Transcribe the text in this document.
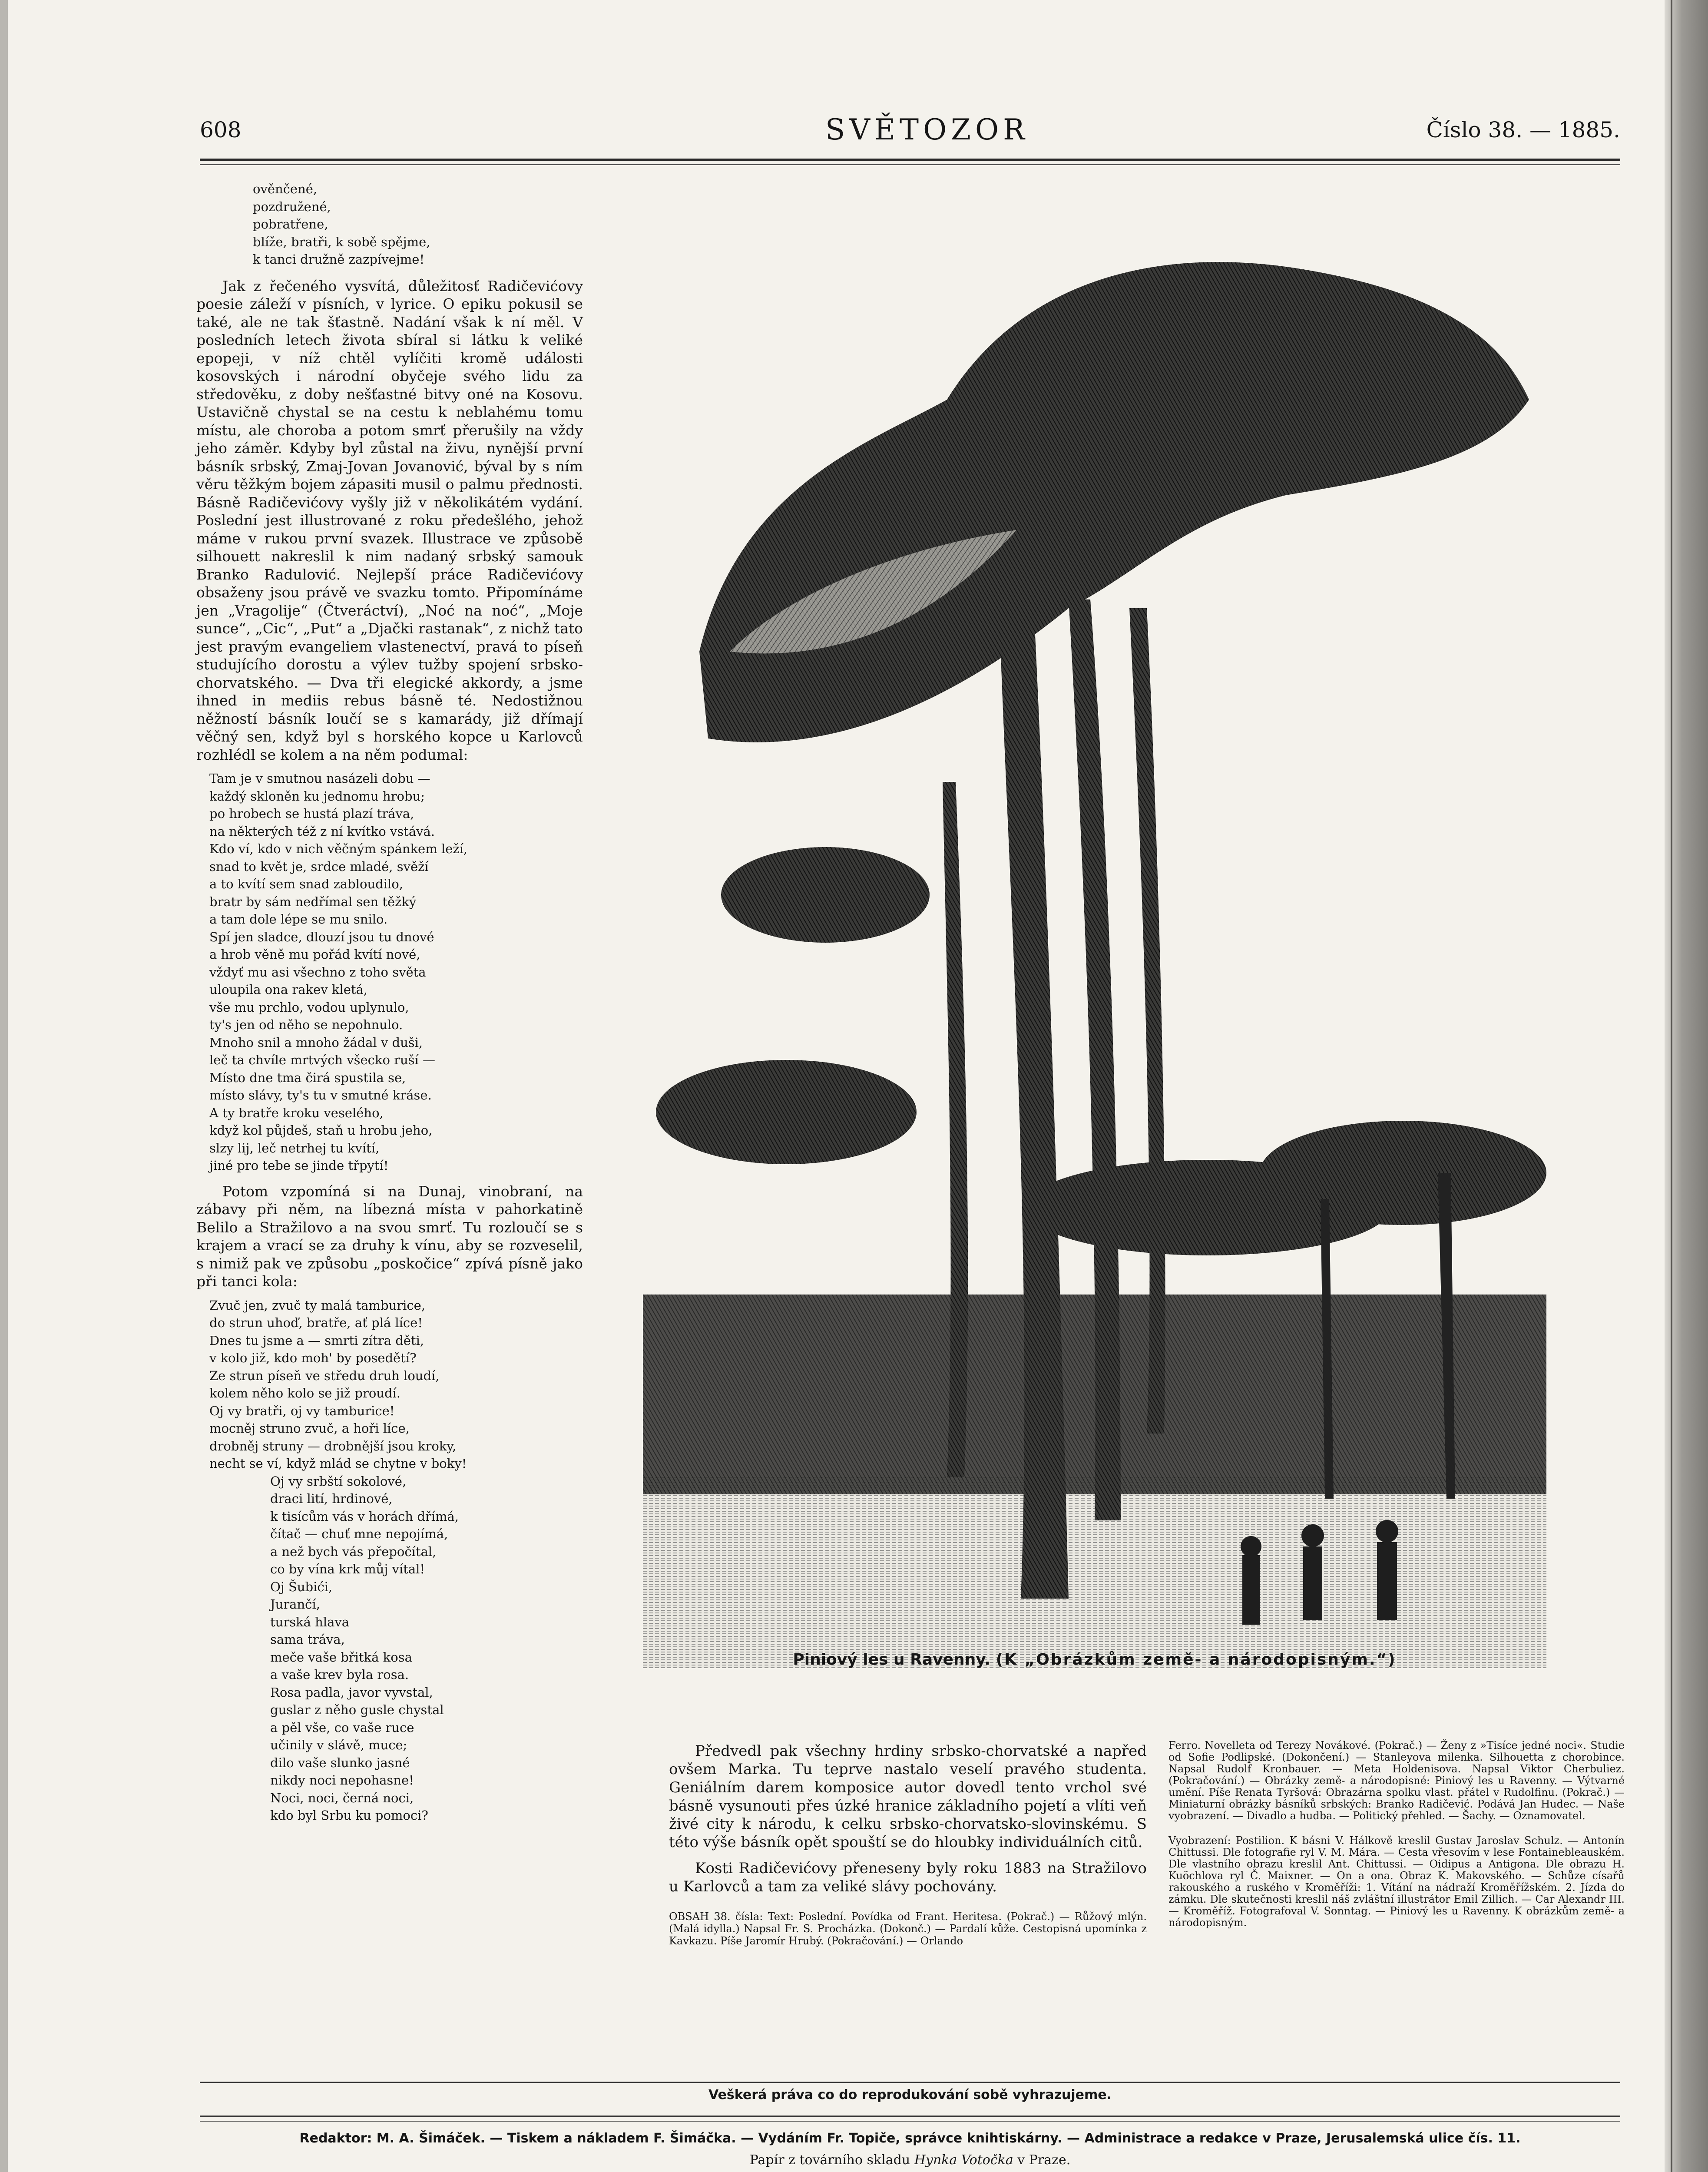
608	SVĚTOZOR	Číslo 38. — 1885.
ověnčené,
pozdružené,
pobratřene,
blíže, bratři, k sobě spějme,
k tanci družně zazpívejme!

Jak z řečeného vysvítá, důležitosť Radičevićovy poesie záleží v písních, v lyrice. O epiku pokusil se také, ale ne tak šťastně. Nadání však k ní měl. V posledních letech života sbíral si látku k veliké epopeji, v níž chtěl vylíčiti kromě události kosovských i národní obyčeje svého lidu za středověku, z doby nešťastné bitvy oné na Kosovu. Ustavičně chystal se na cestu k neblahému tomu místu, ale choroba a potom smrť přerušily na vždy jeho záměr. Kdyby byl zůstal na živu, nynější první básník srbský, Zmaj-Jovan Jovanović, býval by s ním věru těžkým bojem zápasiti musil o palmu přednosti. Básně Radičevićovy vyšly již v několikátém vydání. Poslední jest illustrované z roku předešlého, jehož máme v rukou první svazek. Illustrace ve způsobě silhouett nakreslil k nim nadaný srbský samouk Branko Radulović. Nejlepší práce Radičevićovy obsaženy jsou právě ve svazku tomto. Připomínáme jen „Vragolije“ (Čtveráctví), „Noć na noć“, „Moje sunce“, „Cic“, „Put“ a „Djački rastanak“, z nichž tato jest pravým evangeliem vlastenectví, pravá to píseň studujícího dorostu a výlev tužby spojení srbsko-chorvatského. — Dva tři elegické akkordy, a jsme ihned in mediis rebus básně té. Nedostižnou něžností básník loučí se s kamarády, již dřímají věčný sen, když byl s horského kopce u Karlovců rozhlédl se kolem a na něm podumal:

Tam je v smutnou nasázeli dobu —
každý skloněn ku jednomu hrobu;
po hrobech se hustá plazí tráva,
na některých též z ní kvítko vstává.
Kdo ví, kdo v nich věčným spánkem leží,
snad to květ je, srdce mladé, svěží
a to kvítí sem snad zabloudilo,
bratr by sám nedřímal sen těžký
a tam dole lépe se mu snilo.
Spí jen sladce, dlouzí jsou tu dnové
a hrob věně mu pořád kvítí nové,
vždyť mu asi všechno z toho světa
uloupila ona rakev kletá,
vše mu prchlo, vodou uplynulo,
ty's jen od něho se nepohnulo.
Mnoho snil a mnoho žádal v duši,
leč ta chvíle mrtvých všecko ruší —
Místo dne tma čirá spustila se,
místo slávy, ty's tu v smutné kráse.
A ty bratře kroku veselého,
když kol půjdeš, staň u hrobu jeho,
slzy lij, leč netrhej tu kvítí,
jiné pro tebe se jinde třpytí!

Potom vzpomíná si na Dunaj, vinobraní, na zábavy při něm, na líbezná místa v pahorkatině Belilo a Stražilovo a na svou smrť. Tu rozloučí se s krajem a vrací se za druhy k vínu, aby se rozveselil, s nimiž pak ve způsobu „poskočice“ zpívá písně jako při tanci kola:

Zvuč jen, zvuč ty malá tamburice,
do strun uhoď, bratře, ať plá líce!
Dnes tu jsme a — smrti zítra děti,
v kolo již, kdo moh' by posedětí?
Ze strun píseň ve středu druh loudí,
kolem něho kolo se již proudí.
Oj vy bratři, oj vy tamburice!
mocněj struno zvuč, a hoři líce,
drobněj struny — drobnější jsou kroky,
necht se ví, když mlád se chytne v boky!
Oj vy srbští sokolové,
draci lití, hrdinové,
k tisícům vás v horách dřímá,
čítač — chuť mne nepojímá,
a než bych vás přepočítal,
co by vína krk můj vítal!
Oj Šubići,
Jurančí,
turská hlava
sama tráva,
meče vaše břitká kosa
a vaše krev byla rosa.
Rosa padla, javor vyvstal,
guslar z něho gusle chystal
a pěl vše, co vaše ruce
učinily v slávě, muce;
dilo vaše slunko jasné
nikdy noci nepohasne!
Noci, noci, černá noci,
kdo byl Srbu ku pomoci?
Piniový les u Ravenny. (K „Obrázkům země- a národopisným.“)

Předvedl pak všechny hrdiny srbsko-chorvatské a napřed ovšem Marka. Tu teprve nastalo veselí pravého studenta. Geniálním darem komposice autor dovedl tento vrchol své básně vysunouti přes úzké hranice základního pojetí a vlíti veň živé city k národu, k celku srbsko-chorvatsko-slovinskému. S této výše básník opět spouští se do hloubky individuálních citů.

Kosti Radičevićovy přeneseny byly roku 1883 na Stražilovo u Karlovců a tam za veliké slávy pochovány.

OBSAH 38. čísla: Text: Poslední. Povídka od Frant. Heritesa. (Pokrač.) — Růžový mlýn. (Malá idylla.) Napsal Fr. S. Procházka. (Dokonč.) — Pardalí kůže. Cestopisná upomínka z Kavkazu. Píše Jaromír Hrubý. (Pokračování.) — Orlando

Ferro. Novelleta od Terezy Novákové. (Pokrač.) — Ženy z »Tisíce jedné noci«. Studie od Sofie Podlipské. (Dokončení.) — Stanleyova milenka. Silhouetta z chorobince. Napsal Rudolf Kronbauer. — Meta Holdenisova. Napsal Viktor Cherbuliez. (Pokračování.) — Obrázky země- a národopisné: Piniový les u Ravenny. — Výtvarné umění. Píše Renata Tyršová: Obrazárna spolku vlast. přátel v Rudolfinu. (Pokrač.) — Miniaturní obrázky básníků srbských: Branko Radičević. Podává Jan Hudec. — Naše vyobrazení. — Divadlo a hudba. — Politický přehled. — Šachy. — Oznamovatel.

Vyobrazení: Postilion. K básni V. Hálkově kreslil Gustav Jaroslav Schulz. — Antonín Chittussi. Dle fotografie ryl V. M. Mára. — Cesta vřesovím v lese Fontainebleauském. Dle vlastního obrazu kreslil Ant. Chittussi. — Oidipus a Antigona. Dle obrazu H. Kuöchlova ryl Č. Maixner. — On a ona. Obraz K. Makovského. — Schůze císařů rakouského a ruského v Kroměříži: 1. Vítání na nádraží Kroměřížském. 2. Jízda do zámku. Dle skutečnosti kreslil náš zvláštní illustrátor Emil Zillich. — Car Alexandr III. — Kroměříž. Fotografoval V. Sonntag. — Piniový les u Ravenny. K obrázkům země- a národopisným.

Veškerá práva co do reprodukování sobě vyhrazujeme.
Redaktor: M. A. Šimáček. — Tiskem a nákladem F. Šimáčka. — Vydáním Fr. Topiče, správce knihtiskárny. — Administrace a redakce v Praze, Jerusalemská ulice čís. 11.
Papír z továrního skladu Hynka Votočka v Praze.
